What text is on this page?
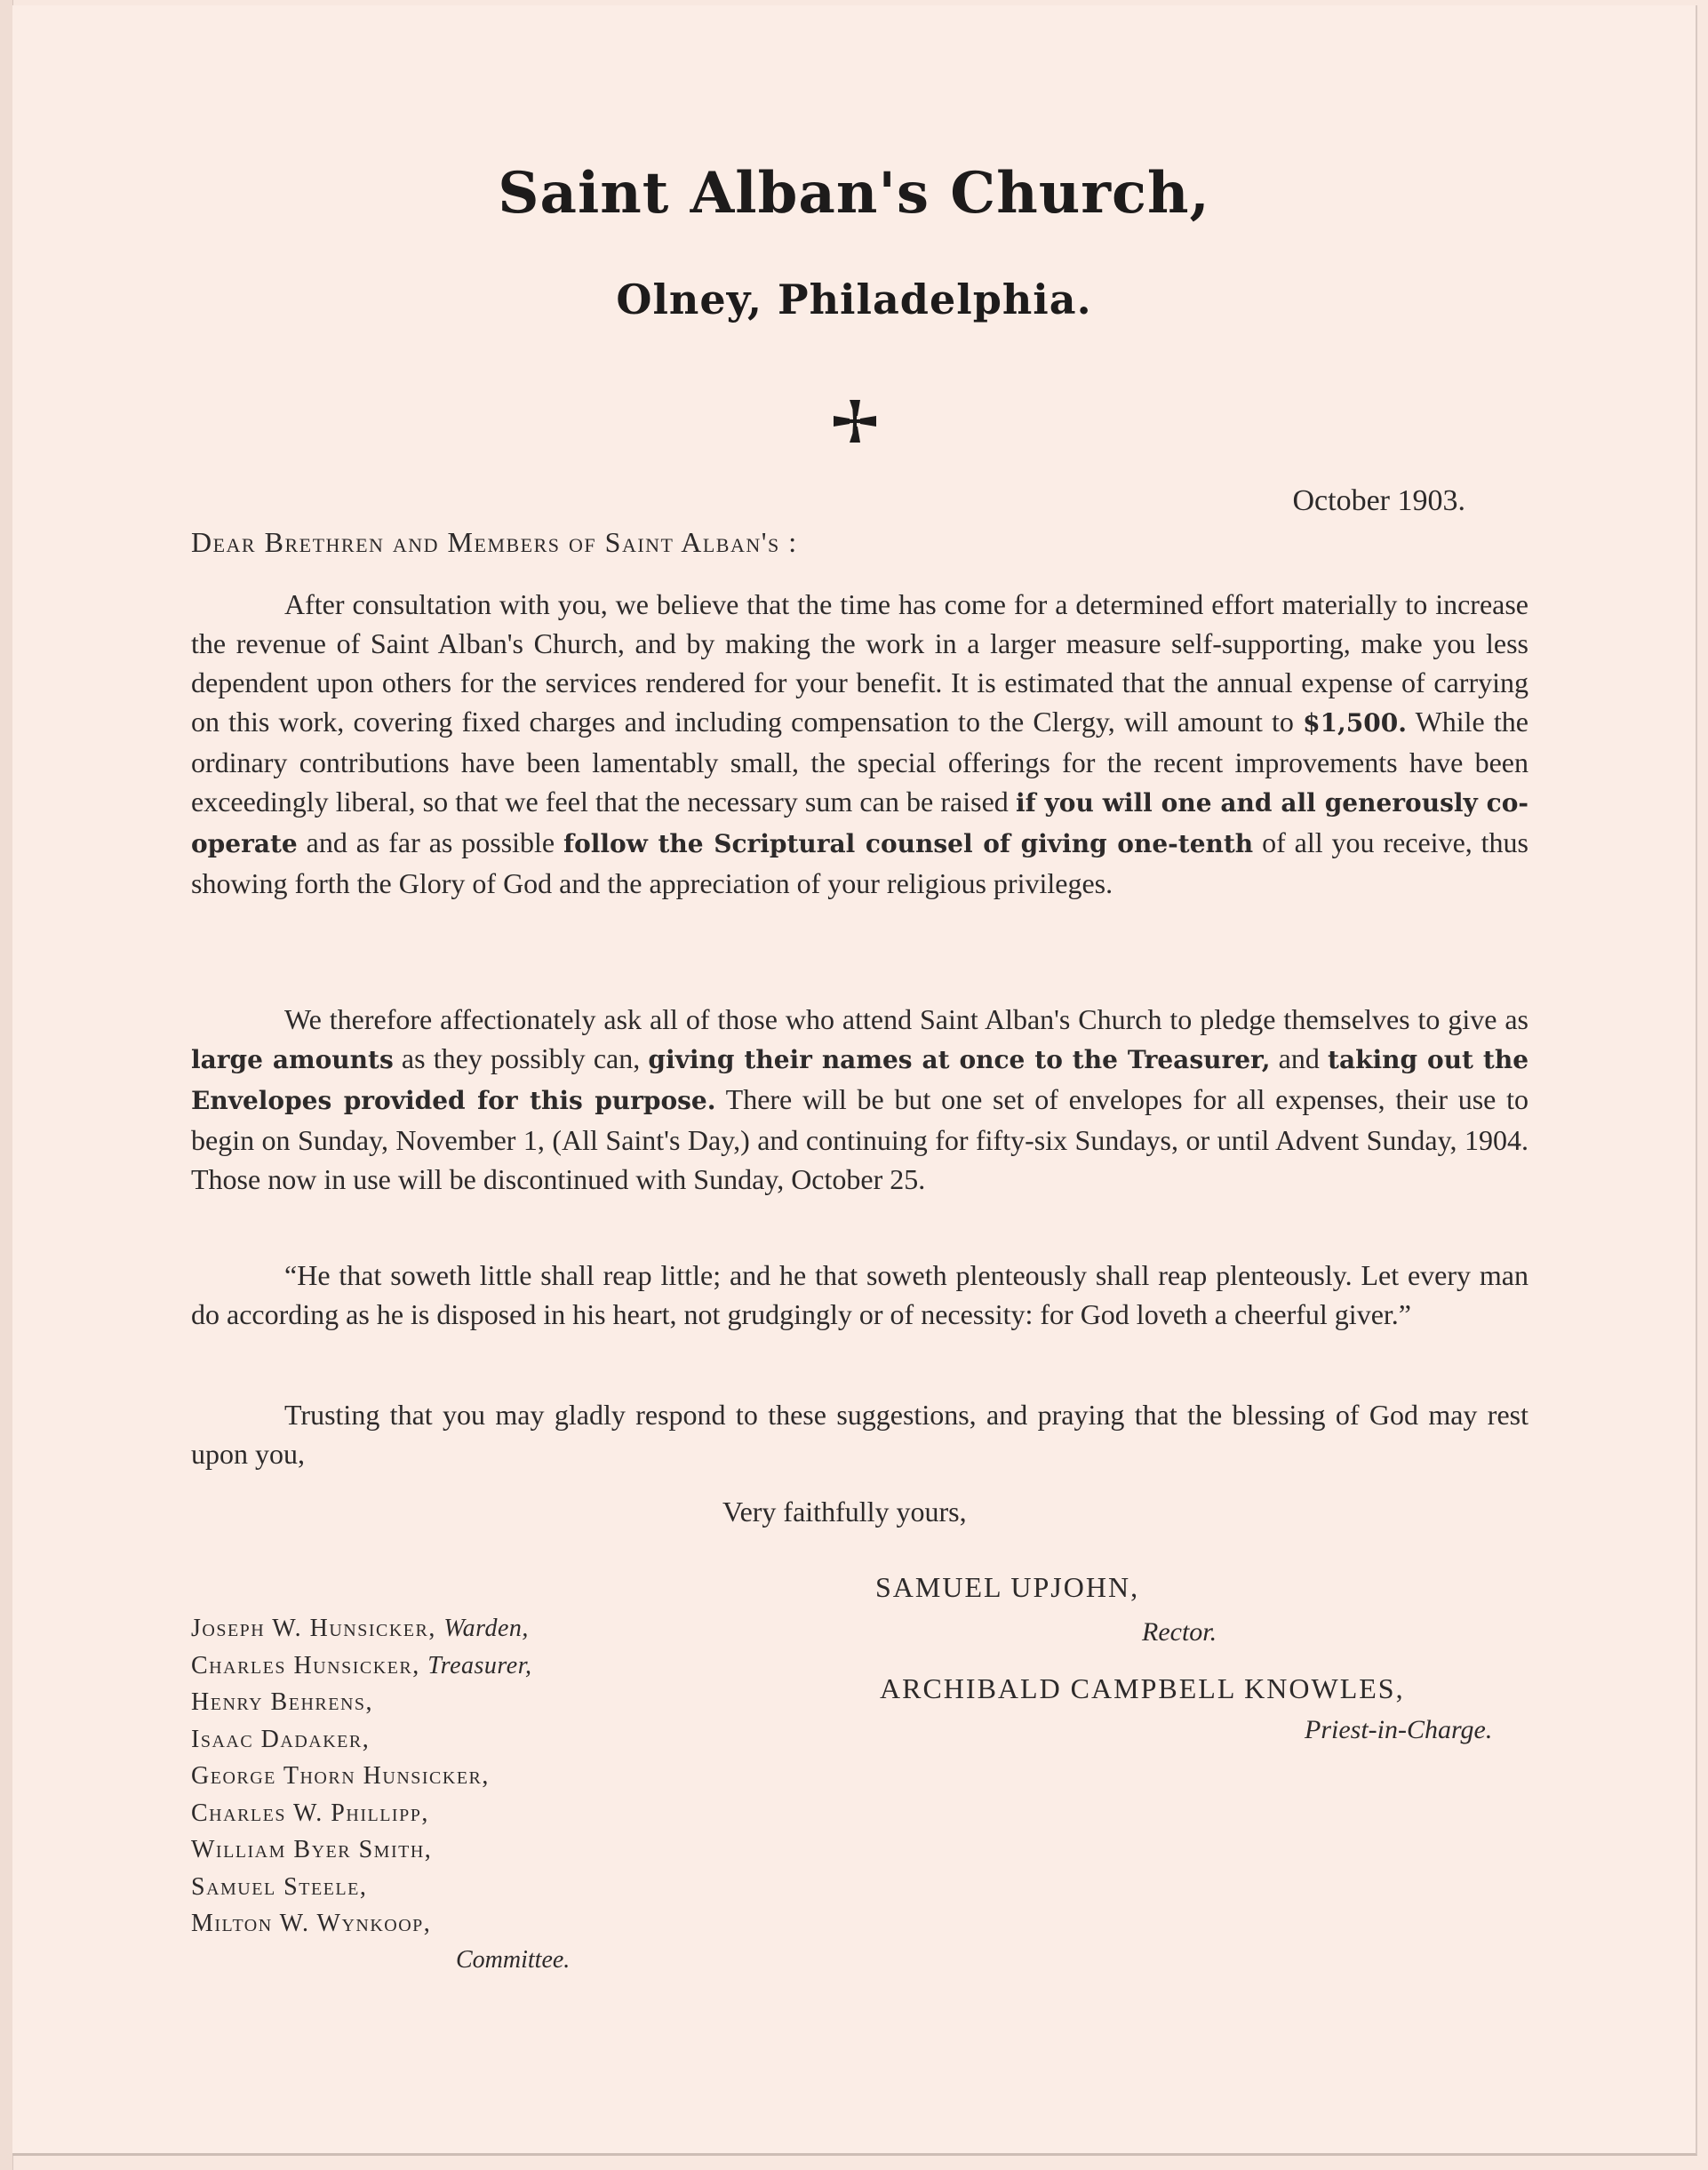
Saint Alban's Church,
Olney, Philadelphia.
October 1903.
Dear Brethren and Members of Saint Alban's :

After consultation with you, we believe that the time has come for a determined effort materially to increase the revenue of Saint Alban's Church, and by making the work in a larger measure self-supporting, make you less dependent upon others for the services rendered for your benefit. It is estimated that the annual expense of carrying on this work, covering fixed charges and including compensation to the Clergy, will amount to $1,500. While the ordinary contributions have been lamentably small, the special offerings for the recent improvements have been exceedingly liberal, so that we feel that the necessary sum can be raised if you will one and all generously co-operate and as far as possible follow the Scriptural counsel of giving one-tenth of all you receive, thus showing forth the Glory of God and the appreciation of your religious privileges.

We therefore affectionately ask all of those who attend Saint Alban's Church to pledge themselves to give as large amounts as they possibly can, giving their names at once to the Treasurer, and taking out the Envelopes provided for this purpose. There will be but one set of envelopes for all expenses, their use to begin on Sunday, November 1, (All Saint's Day,) and continuing for fifty-six Sundays, or until Advent Sunday, 1904. Those now in use will be discontinued with Sunday, October 25.

“He that soweth little shall reap little; and he that soweth plenteously shall reap plenteously. Let every man do according as he is disposed in his heart, not grudgingly or of necessity: for God loveth a cheerful giver.”

Trusting that you may gladly respond to these suggestions, and praying that the blessing of God may rest upon you,

Very faithfully yours,
SAMUEL UPJOHN,
Rector.
ARCHIBALD CAMPBELL KNOWLES,
Priest-in-Charge.
Joseph W. Hunsicker, Warden,
Charles Hunsicker, Treasurer,
Henry Behrens,
Isaac Dadaker,
George Thorn Hunsicker,
Charles W. Phillipp,
William Byer Smith,
Samuel Steele,
Milton W. Wynkoop,
Committee.
